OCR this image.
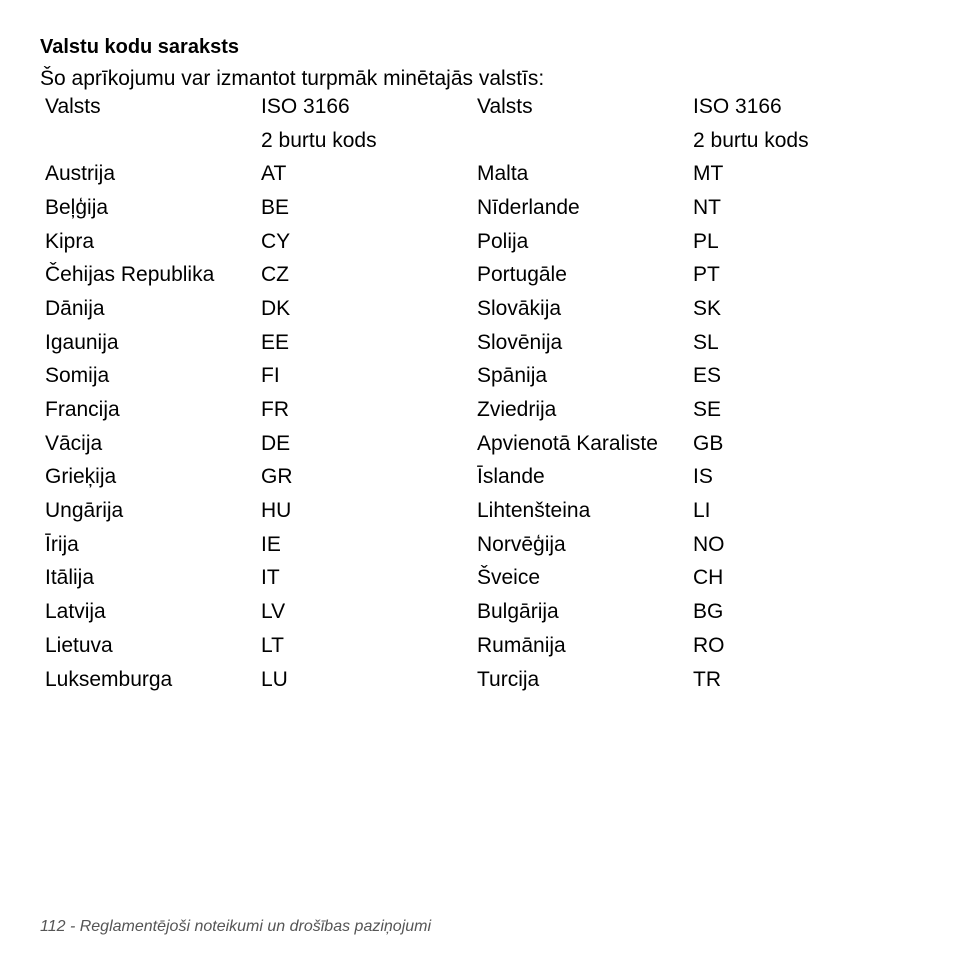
Valstu kodu saraksts
Šo aprīkojumu var izmantot turpmāk minētajās valstīs:
Valsts	ISO 3166	Valsts	ISO 3166
	2 burtu kods		2 burtu kods
Austrija	AT	Malta	MT
Beļģija	BE	Nīderlande	NT
Kipra	CY	Polija	PL
Čehijas Republika	CZ	Portugāle	PT
Dānija	DK	Slovākija	SK
Igaunija	EE	Slovēnija	SL
Somija	FI	Spānija	ES
Francija	FR	Zviedrija	SE
Vācija	DE	Apvienotā Karaliste	GB
Grieķija	GR	Īslande	IS
Ungārija	HU	Lihtenšteina	LI
Īrija	IE	Norvēģija	NO
Itālija	IT	Šveice	CH
Latvija	LV	Bulgārija	BG
Lietuva	LT	Rumānija	RO
Luksemburga	LU	Turcija	TR
112 - Reglamentējoši noteikumi un drošības paziņojumi
